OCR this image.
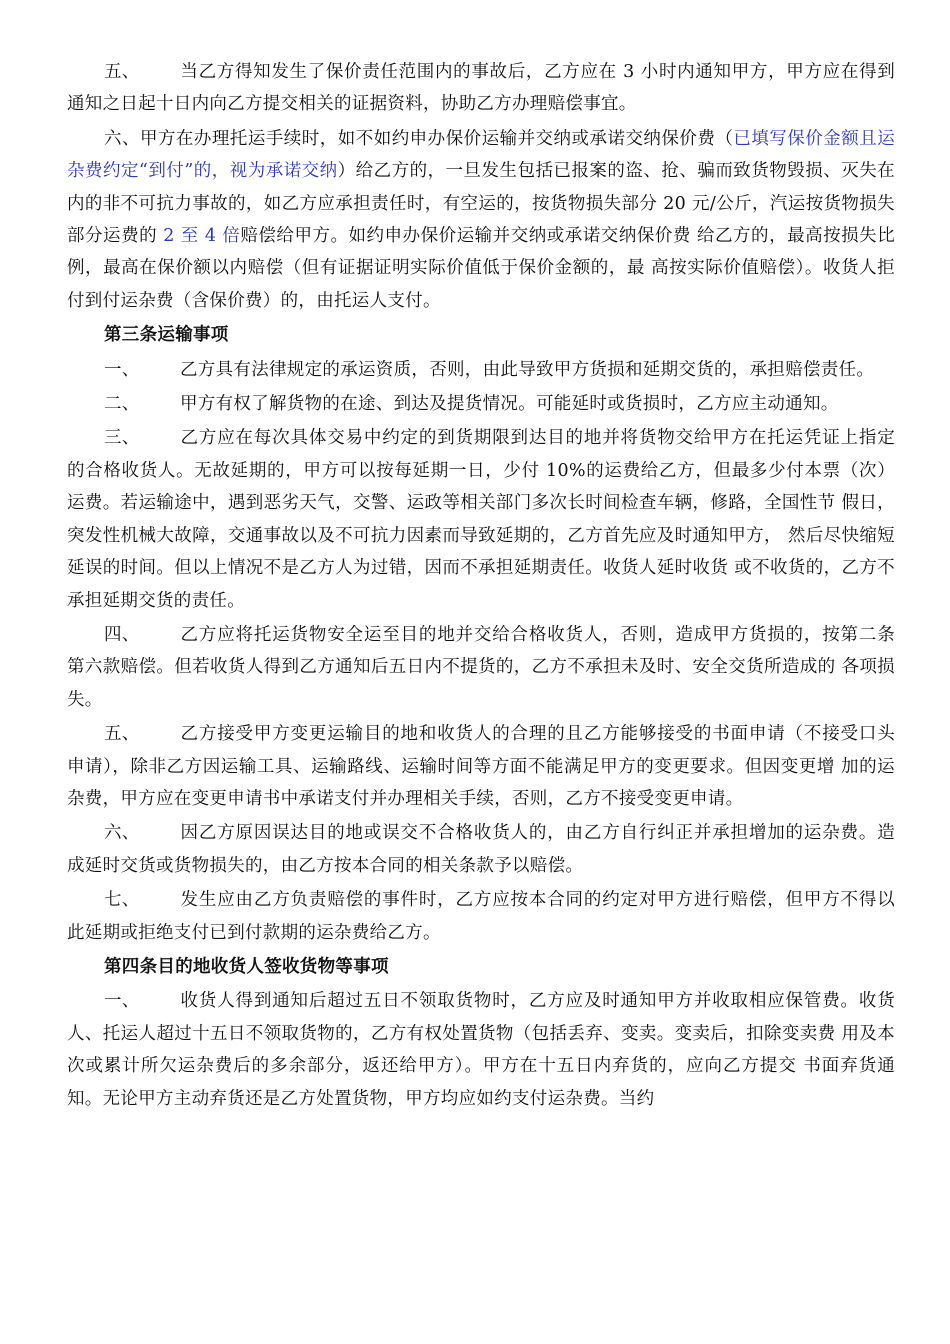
五、 当乙方得知发生了保价责任范围内的事故后，乙方应在 3 小时内通知甲方，甲方应在得到 通知之日起十日内向乙方提交相关的证据资料，协助乙方办理赔偿事宜。

六、甲方在办理托运手续时，如不如约申办保价运输并交纳或承诺交纳保价费（已填写保价金额且运杂费约定“到付”的，视为承诺交纳）给乙方的，一旦发生包括已报案的盗、抢、骗而致货物毁损、灭失在内的非不可抗力事故的，如乙方应承担责任时，有空运的，按货物损失部分 20 元/公斤，汽运按货物损失部分运费的 2 至 4 倍赔偿给甲方。如约申办保价运输并交纳或承诺交纳保价费 给乙方的，最高按损失比例，最高在保价额以内赔偿（但有证据证明实际价值低于保价金额的，最 高按实际价值赔偿）。收货人拒付到付运杂费（含保价费）的，由托运人支付。

第三条运输事项

一、 乙方具有法律规定的承运资质，否则，由此导致甲方货损和延期交货的，承担赔偿责任。

二、 甲方有权了解货物的在途、到达及提货情况。可能延时或货损时，乙方应主动通知。

三、 乙方应在每次具体交易中约定的到货期限到达目的地并将货物交给甲方在托运凭证上指定 的合格收货人。无故延期的，甲方可以按每延期一日，少付 10%的运费给乙方，但最多少付本票（次） 运费。若运输途中，遇到恶劣天气，交警、运政等相关部门多次长时间检查车辆，修路，全国性节 假日，突发性机械大故障，交通事故以及不可抗力因素而导致延期的，乙方首先应及时通知甲方， 然后尽快缩短延误的时间。但以上情况不是乙方人为过错，因而不承担延期责任。收货人延时收货 或不收货的，乙方不承担延期交货的责任。

四、 乙方应将托运货物安全运至目的地并交给合格收货人，否则，造成甲方货损的，按第二条 第六款赔偿。但若收货人得到乙方通知后五日内不提货的，乙方不承担未及时、安全交货所造成的 各项损失。

五、 乙方接受甲方变更运输目的地和收货人的合理的且乙方能够接受的书面申请（不接受口头 申请），除非乙方因运输工具、运输路线、运输时间等方面不能满足甲方的变更要求。但因变更增 加的运杂费，甲方应在变更申请书中承诺支付并办理相关手续，否则，乙方不接受变更申请。

六、 因乙方原因误达目的地或误交不合格收货人的，由乙方自行纠正并承担增加的运杂费。造 成延时交货或货物损失的，由乙方按本合同的相关条款予以赔偿。

七、 发生应由乙方负责赔偿的事件时，乙方应按本合同的约定对甲方进行赔偿，但甲方不得以 此延期或拒绝支付已到付款期的运杂费给乙方。

第四条目的地收货人签收货物等事项

一、 收货人得到通知后超过五日不领取货物时，乙方应及时通知甲方并收取相应保管费。收货 人、托运人超过十五日不领取货物的，乙方有权处置货物（包括丢弃、变卖。变卖后，扣除变卖费 用及本次或累计所欠运杂费后的多余部分，返还给甲方）。甲方在十五日内弃货的，应向乙方提交 书面弃货通知。无论甲方主动弃货还是乙方处置货物，甲方均应如约支付运杂费。当约
